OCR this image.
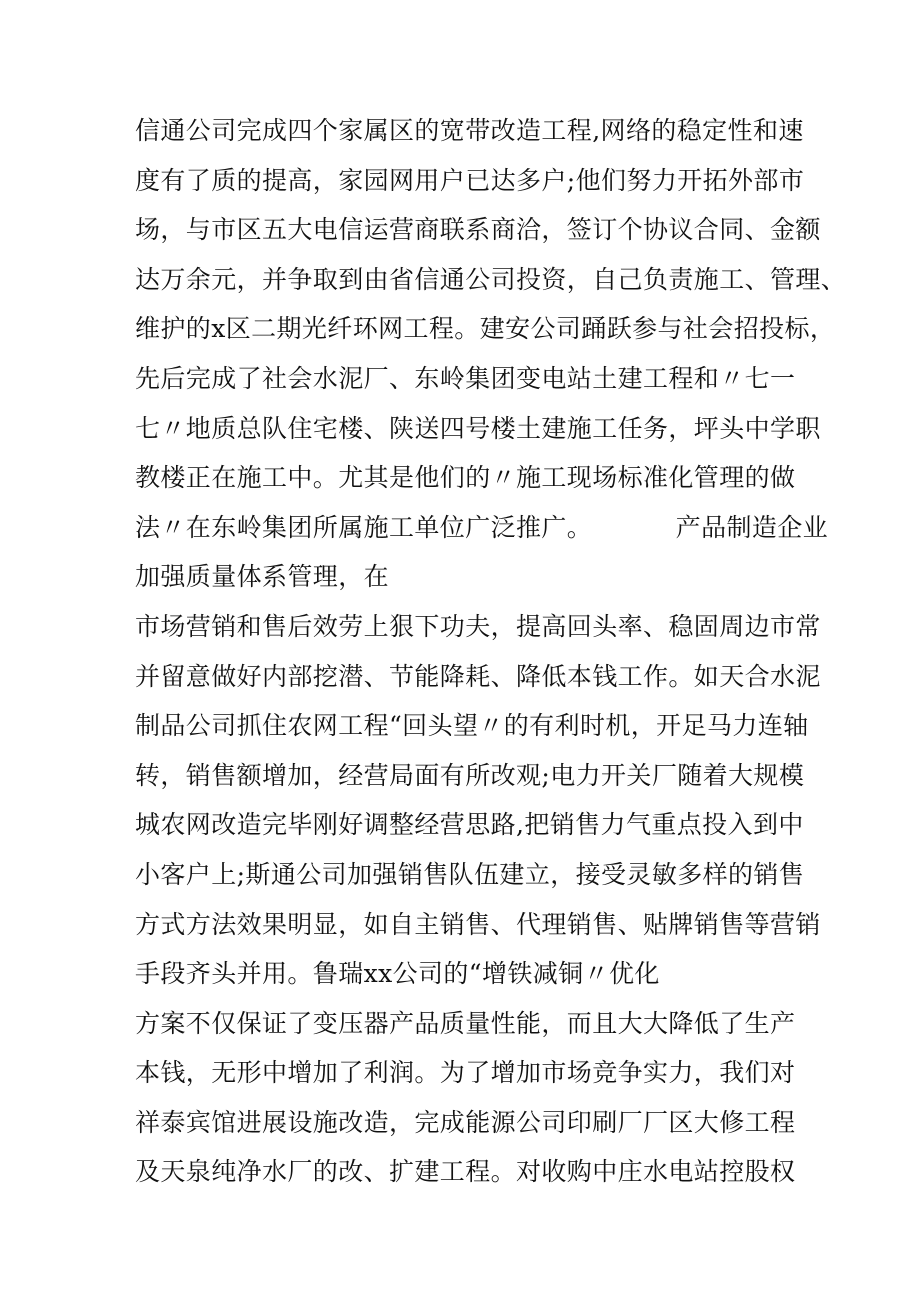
信通公司完成四个家属区的宽带改造工程,网络的稳定性和速
度有了质的提高，家园网用户已达多户;他们努力开拓外部市
场，与市区五大电信运营商联系商洽，签订个协议合同、金额
达万余元，并争取到由省信通公司投资，自己负责施工、管理、
维护的x区二期光纤环网工程。建安公司踊跃参与社会招投标，
先后完成了社会水泥厂、东岭集团变电站土建工程和〃七一
七〃地质总队住宅楼、陕送四号楼土建施工任务，坪头中学职
教楼正在施工中。尤其是他们的〃施工现场标准化管理的做
法〃在东岭集团所属施工单位广泛推广。          产品制造企业
加强质量体系管理，在
市场营销和售后效劳上狠下功夫，提高回头率、稳固周边市常
并留意做好内部挖潜、节能降耗、降低本钱工作。如天合水泥
制品公司抓住农网工程“回头望〃的有利时机，开足马力连轴
转，销售额增加，经营局面有所改观;电力开关厂随着大规模
城农网改造完毕刚好调整经营思路,把销售力气重点投入到中
小客户上;斯通公司加强销售队伍建立，接受灵敏多样的销售
方式方法效果明显，如自主销售、代理销售、贴牌销售等营销
手段齐头并用。鲁瑞xx公司的“增铁减铜〃优化
方案不仅保证了变压器产品质量性能，而且大大降低了生产
本钱，无形中增加了利润。为了增加市场竞争实力，我们对
祥泰宾馆进展设施改造，完成能源公司印刷厂厂区大修工程
及天泉纯净水厂的改、扩建工程。对收购中庄水电站控股权
